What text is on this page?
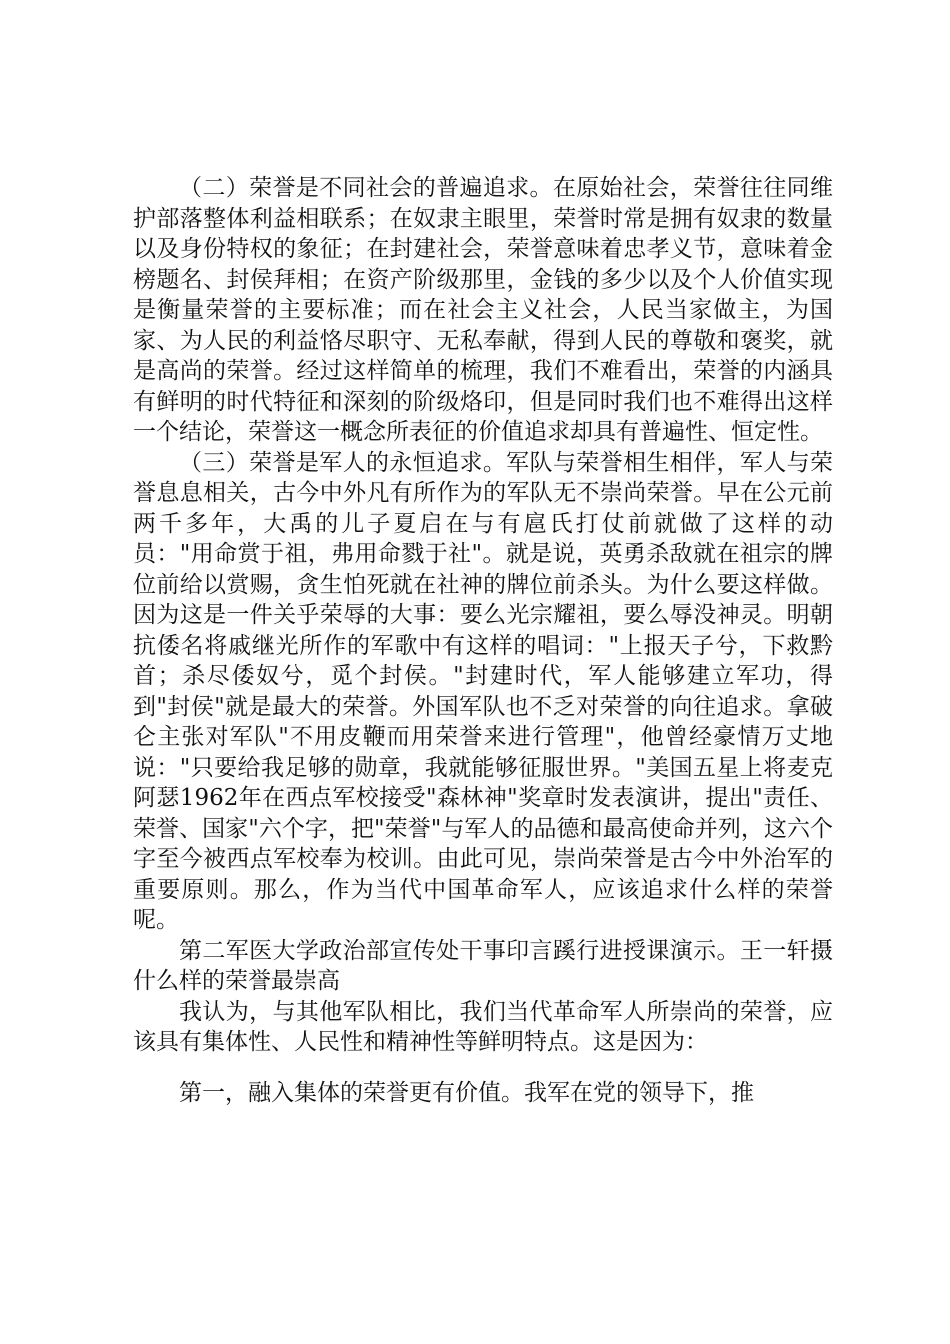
（二）荣誉是不同社会的普遍追求。在原始社会，荣誉往往同维护部落整体利益相联系；在奴隶主眼里，荣誉时常是拥有奴隶的数量以及身份特权的象征；在封建社会，荣誉意味着忠孝义节，意味着金榜题名、封侯拜相；在资产阶级那里，金钱的多少以及个人价值实现是衡量荣誉的主要标准；而在社会主义社会，人民当家做主，为国家、为人民的利益恪尽职守、无私奉献，得到人民的尊敬和褒奖，就是高尚的荣誉。经过这样简单的梳理，我们不难看出，荣誉的内涵具有鲜明的时代特征和深刻的阶级烙印，但是同时我们也不难得出这样一个结论，荣誉这一概念所表征的价值追求却具有普遍性、恒定性。

（三）荣誉是军人的永恒追求。军队与荣誉相生相伴，军人与荣誉息息相关，古今中外凡有所作为的军队无不崇尚荣誉。早在公元前两千多年，大禹的儿子夏启在与有扈氏打仗前就做了这样的动员："用命赏于祖，弗用命戮于社"。就是说，英勇杀敌就在祖宗的牌位前给以赏赐，贪生怕死就在社神的牌位前杀头。为什么要这样做。因为这是一件关乎荣辱的大事：要么光宗耀祖，要么辱没神灵。明朝抗倭名将戚继光所作的军歌中有这样的唱词："上报天子兮，下救黔首；杀尽倭奴兮，觅个封侯。"封建时代，军人能够建立军功，得到"封侯"就是最大的荣誉。外国军队也不乏对荣誉的向往追求。拿破仑主张对军队"不用皮鞭而用荣誉来进行管理"，他曾经豪情万丈地说："只要给我足够的勋章，我就能够征服世界。"美国五星上将麦克阿瑟1962年在西点军校接受"森林神"奖章时发表演讲，提出"责任、荣誉、国家"六个字，把"荣誉"与军人的品德和最高使命并列，这六个字至今被西点军校奉为校训。由此可见，崇尚荣誉是古今中外治军的重要原则。那么，作为当代中国革命军人，应该追求什么样的荣誉呢。

第二军医大学政治部宣传处干事印言蹊行进授课演示。王一轩摄什么样的荣誉最崇高

我认为，与其他军队相比，我们当代革命军人所崇尚的荣誉，应该具有集体性、人民性和精神性等鲜明特点。这是因为：

第一，融入集体的荣誉更有价值。我军在党的领导下，推
